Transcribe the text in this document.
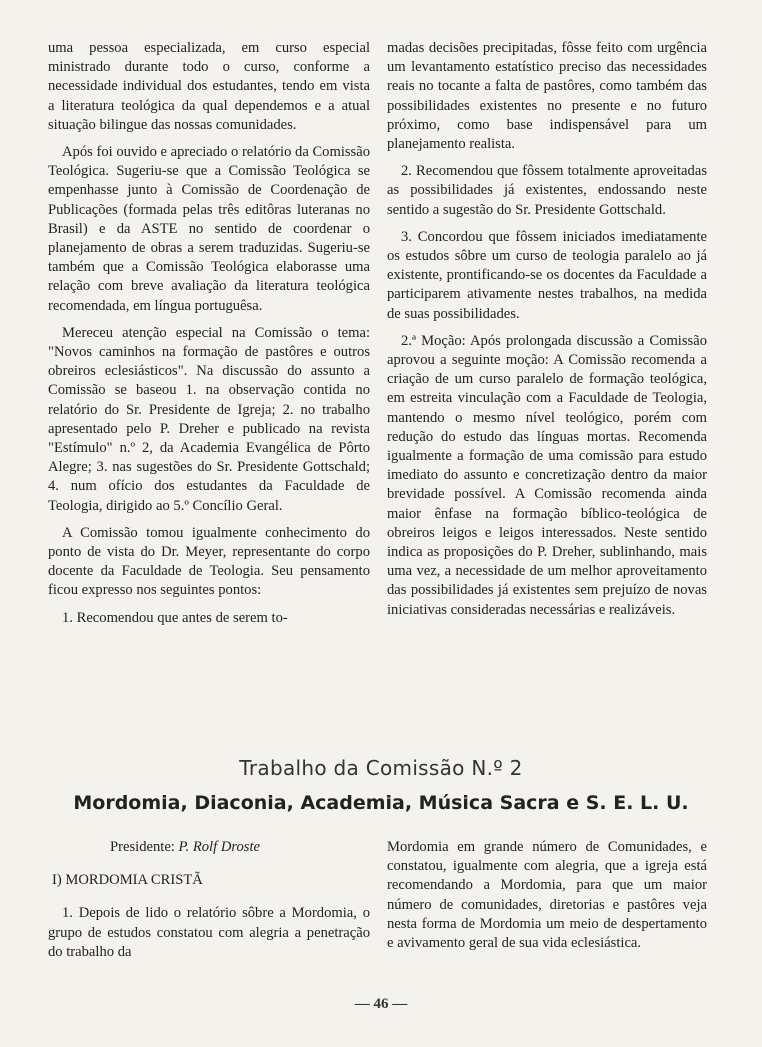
uma pessoa especializada, em curso especial ministrado durante todo o curso, conforme a necessidade individual dos estudantes, tendo em vista a literatura teológica da qual dependemos e a atual situação bilingue das nossas comunidades.

Após foi ouvido e apreciado o relatório da Comissão Teológica. Sugeriu-se que a Comissão Teológica se empenhasse junto à Comissão de Coordenação de Publicações (formada pelas três editôras luteranas no Brasil) e da ASTE no sentido de coordenar o planejamento de obras a serem traduzidas. Sugeriu-se também que a Comissão Teológica elaborasse uma relação com breve avaliação da literatura teológica recomendada, em língua portuguêsa.

Mereceu atenção especial na Comissão o tema: "Novos caminhos na formação de pastôres e outros obreiros eclesiásticos". Na discussão do assunto a Comissão se baseou 1. na observação contida no relatório do Sr. Presidente de Igreja; 2. no trabalho apresentado pelo P. Dreher e publicado na revista "Estímulo" n.º 2, da Academia Evangélica de Pôrto Alegre; 3. nas sugestões do Sr. Presidente Gottschald; 4. num ofício dos estudantes da Faculdade de Teologia, dirigido ao 5.º Concílio Geral.

A Comissão tomou igualmente conhecimento do ponto de vista do Dr. Meyer, representante do corpo docente da Faculdade de Teologia. Seu pensamento ficou expresso nos seguintes pontos:

1. Recomendou que antes de serem to-

madas decisões precipitadas, fôsse feito com urgência um levantamento estatístico preciso das necessidades reais no tocante a falta de pastôres, como também das possibilidades existentes no presente e no futuro próximo, como base indispensável para um planejamento realista.

2. Recomendou que fôssem totalmente aproveitadas as possibilidades já existentes, endossando neste sentido a sugestão do Sr. Presidente Gottschald.

3. Concordou que fôssem iniciados imediatamente os estudos sôbre um curso de teologia paralelo ao já existente, prontificando-se os docentes da Faculdade a participarem ativamente nestes trabalhos, na medida de suas possibilidades.

2.ª Moção: Após prolongada discussão a Comissão aprovou a seguinte moção: A Comissão recomenda a criação de um curso paralelo de formação teológica, em estreita vinculação com a Faculdade de Teologia, mantendo o mesmo nível teológico, porém com redução do estudo das línguas mortas. Recomenda igualmente a formação de uma comissão para estudo imediato do assunto e concretização dentro da maior brevidade possível. A Comissão recomenda ainda maior ênfase na formação bíblico-teológica de obreiros leigos e leigos interessados. Neste sentido indica as proposições do P. Dreher, sublinhando, mais uma vez, a necessidade de um melhor aproveitamento das possibilidades já existentes sem prejuízo de novas iniciativas consideradas necessárias e realizáveis.

Trabalho da Comissão N.º 2
Mordomia, Diaconia, Academia, Música Sacra e S. E. L. U.

Presidente: P. Rolf Droste

I) MORDOMIA CRISTÃ

1. Depois de lido o relatório sôbre a Mordomia, o grupo de estudos constatou com alegria a penetração do trabalho da

Mordomia em grande número de Comunidades, e constatou, igualmente com alegria, que a igreja está recomendando a Mordomia, para que um maior número de comunidades, diretorias e pastôres veja nesta forma de Mordomia um meio de despertamento e avivamento geral de sua vida eclesiástica.

— 46 —
